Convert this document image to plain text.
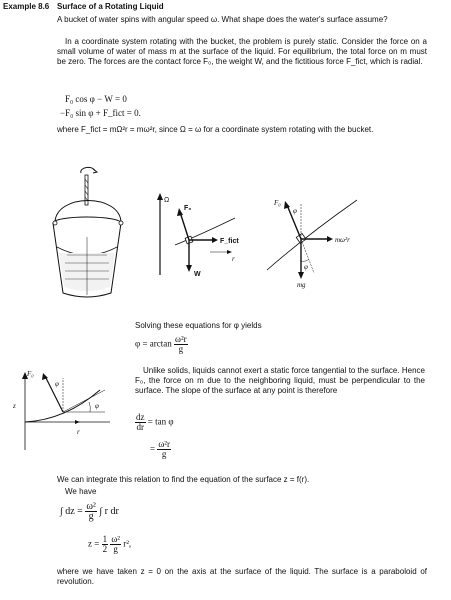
Example 8.6 Surface of a Rotating Liquid
A bucket of water spins with angular speed ω. What shape does the water's surface assume?
In a coordinate system rotating with the bucket, the problem is purely static. Consider the force on a small volume of water of mass m at the surface of the liquid. For equilibrium, the total force on m must be zero. The forces are the contact force F₀, the weight W, and the fictitious force F_fict, which is radial.
F₀ cos φ − W = 0
−F₀ sin φ + F_fict = 0.
where F_fict = mΩ²r = mω²r, since Ω = ω for a coordinate system rotating with the bucket.
Ω
F₀
F_fict
W
r
F₀
φ
mω²r
mg
φ
Solving these equations for φ yields
$\varphi = \arctan \frac{\text{ω²r}}{g}$
z
r
F₀
φ
φ
Unlike solids, liquids cannot exert a static force tangential to the surface. Hence F₀, the force on m due to the neighboring liquid, must be perpendicular to the surface. The slope of the surface at any point is therefore
$\frac{dz}{dr} = \tan \varphi$
= $\frac{\text{ω²r}}{g}$
We can integrate this relation to find the equation of the surface z = f(r).
We have
∫ dz = $\frac{\text{ω²}}{g}$ ∫ r dr
$z = \frac{1}{2}$
$\frac{\text{ω²}}{g} r^2$,
where we have taken z = 0 on the axis at the surface of the liquid. The surface is a paraboloid of revolution.
